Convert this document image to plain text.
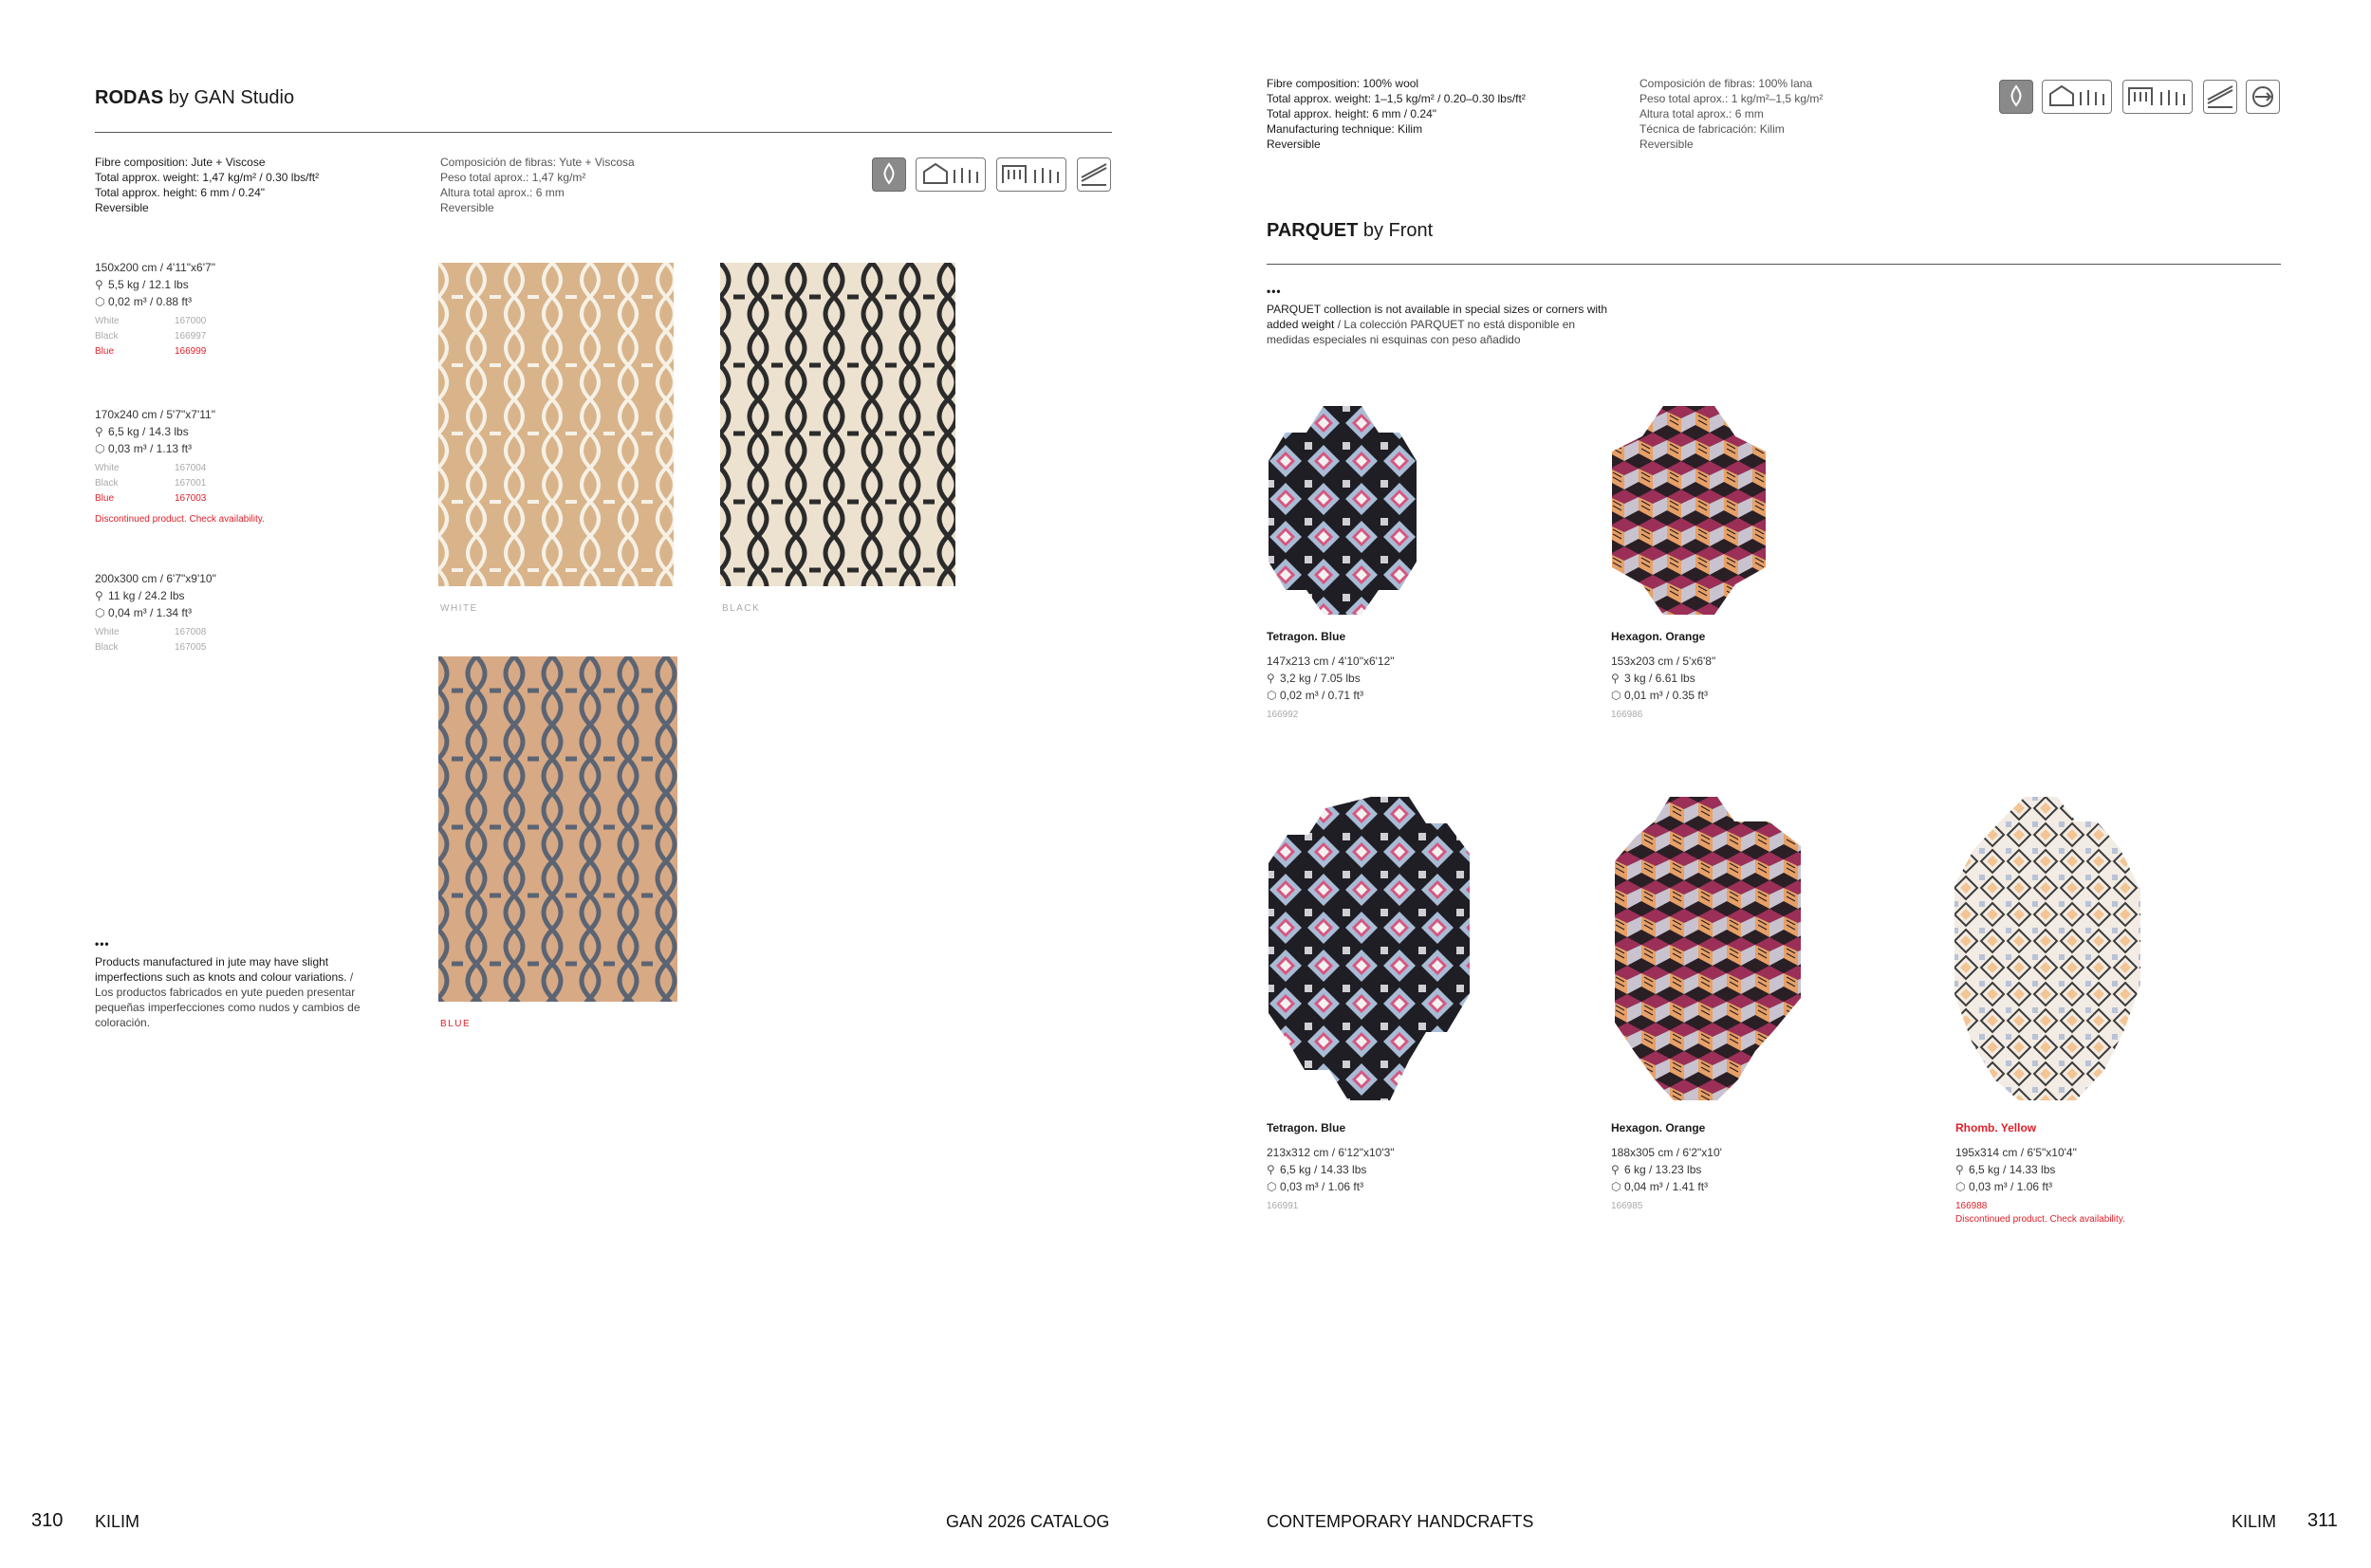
RODAS by GAN Studio
Fibre composition: Jute + Viscose
Total approx. weight: 1,47 kg/m² / 0.30 lbs/ft²
Total approx. height: 6 mm / 0.24"
Reversible
Composición de fibras: Yute + Viscosa
Peso total aprox.: 1,47 kg/m²
Altura total aprox.: 6 mm
Reversible
150x200 cm / 4'11"x6'7"
⚲ 5,5 kg / 12.1 lbs
⬡ 0,02 m³ / 0.88 ft³
White	167000
Black	166997
Blue	166999
170x240 cm / 5'7"x7'11"
⚲ 6,5 kg / 14.3 lbs
⬡ 0,03 m³ / 1.13 ft³
White	167004
Black	167001
Blue	167003
Discontinued product. Check availability.
200x300 cm / 6'7"x9'10"
⚲ 11 kg / 24.2 lbs
⬡ 0,04 m³ / 1.34 ft³
White	167008
Black	167005
WHITE	BLACK
BLUE
•••
Products manufactured in jute may have slight imperfections such as knots and colour variations. / Los productos fabricados en yute pueden presentar pequeñas imperfecciones como nudos y cambios de coloración.
310 KILIM	GAN 2026 CATALOG
Fibre composition: 100% wool
Total approx. weight: 1–1,5 kg/m² / 0.20–0.30 lbs/ft²
Total approx. height: 6 mm / 0.24"
Manufacturing technique: Kilim
Reversible
Composición de fibras: 100% lana
Peso total aprox.: 1 kg/m²–1,5 kg/m²
Altura total aprox.: 6 mm
Técnica de fabricación: Kilim
Reversible
PARQUET by Front
•••
PARQUET collection is not available in special sizes or corners with added weight / La colección PARQUET no está disponible en medidas especiales ni esquinas con peso añadido
Tetragon. Blue
147x213 cm / 4'10"x6'12"
⚲ 3,2 kg / 7.05 lbs
⬡ 0,02 m³ / 0.71 ft³
166992
Hexagon. Orange
153x203 cm / 5'x6'8"
⚲ 3 kg / 6.61 lbs
⬡ 0,01 m³ / 0.35 ft³
166986
Tetragon. Blue
213x312 cm / 6'12"x10'3"
⚲ 6,5 kg / 14.33 lbs
⬡ 0,03 m³ / 1.06 ft³
166991
Hexagon. Orange
188x305 cm / 6'2"x10'
⚲ 6 kg / 13.23 lbs
⬡ 0,04 m³ / 1.41 ft³
166985
Rhomb. Yellow
195x314 cm / 6'5"x10'4"
⚲ 6,5 kg / 14.33 lbs
⬡ 0,03 m³ / 1.06 ft³
166988
Discontinued product. Check availability.
CONTEMPORARY HANDCRAFTS	KILIM 311
